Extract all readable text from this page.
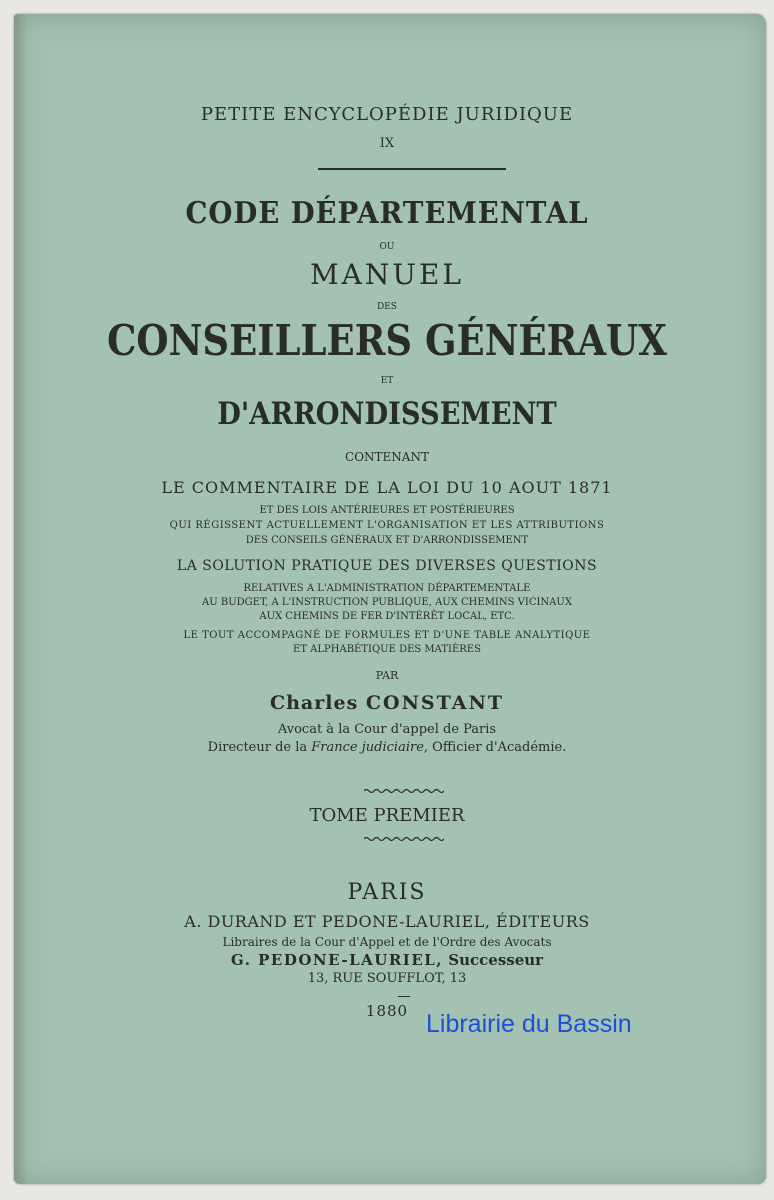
PETITE ENCYCLOPÉDIE JURIDIQUE

IX

CODE DÉPARTEMENTAL

OU

MANUEL

DES

CONSEILLERS GÉNÉRAUX

ET

D'ARRONDISSEMENT

CONTENANT

LE COMMENTAIRE DE LA LOI DU 10 AOUT 1871

ET DES LOIS ANTÉRIEURES ET POSTÉRIEURES

QUI RÉGISSENT ACTUELLEMENT L'ORGANISATION ET LES ATTRIBUTIONS

DES CONSEILS GÉNÉRAUX ET D'ARRONDISSEMENT

LA SOLUTION PRATIQUE DES DIVERSES QUESTIONS

RELATIVES A L'ADMINISTRATION DÉPARTEMENTALE

AU BUDGET, A L'INSTRUCTION PUBLIQUE, AUX CHEMINS VICINAUX

AUX CHEMINS DE FER D'INTÉRÊT LOCAL, ETC.

LE TOUT ACCOMPAGNÉ DE FORMULES ET D'UNE TABLE ANALYTIQUE

ET ALPHABÉTIQUE DES MATIÈRES

PAR

Charles CONSTANT

Avocat à la Cour d'appel de Paris

Directeur de la France judiciaire, Officier d'Académie.

TOME PREMIER

PARIS

A. DURAND ET PEDONE-LAURIEL, ÉDITEURS

Libraires de la Cour d'Appel et de l'Ordre des Avocats

G. PEDONE-LAURIEL, Successeur

13, RUE SOUFFLOT, 13

1880 Librairie du Bassin
